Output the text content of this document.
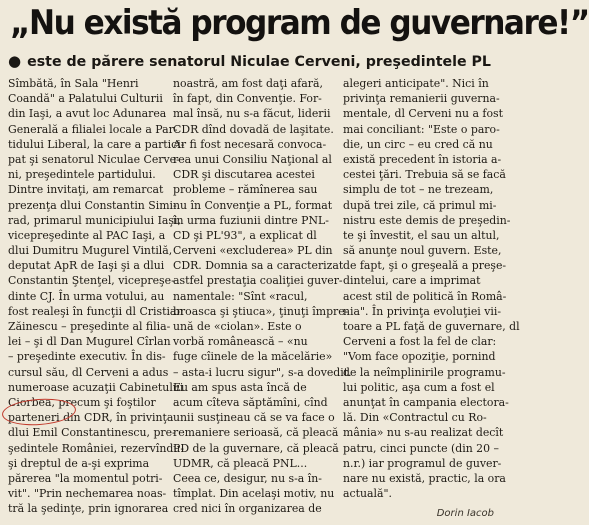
„Nu există program de guvernare!”
● este de părere senatorul Niculae Cerveni, preşedintele PL
Sîmbătă, în Sala "Henri
Coandă" a Palatului Culturii
din Iaşi, a avut loc Adunarea
Generală a filialei locale a Par-
tidului Liberal, la care a partici-
pat şi senatorul Niculae Cerve-
ni, preşedintele partidului.
Dintre invitaţi, am remarcat
prezenţa dlui Constantin Simi-
rad, primarul municipiului Iaşi,
vicepreşedinte al PAC Iaşi, a
dlui Dumitru Mugurel Vintilă,
deputat ApR de Iaşi şi a dlui
Constantin Ştenţel, vicepreşe-
dinte CJ. În urma votului, au
fost realeşi în funcţii dl Cristian
Zăinescu – preşedinte al filia-
lei – şi dl Dan Mugurel Cîrlan
– preşedinte executiv. În dis-
cursul său, dl Cerveni a adus
numeroase acuzaţii Cabinetului
Ciorbea, precum şi foştilor
parteneri din CDR, în privinţa
dlui Emil Constantinescu, pre-
şedintele României, rezervîndu-
şi dreptul de a-şi exprima
părerea "la momentul potri-
vit". "Prin nechemarea noas-
tră la şedinţe, prin ignorarea
noastră, am fost daţi afară,
în fapt, din Convenţie. For-
mal însă, nu s-a făcut, liderii
CDR dînd dovadă de laşitate.
Ar fi fost necesară convoca-
rea unui Consiliu Naţional al
CDR şi discutarea acestei
probleme – rămînerea sau
nu în Convenţie a PL, format
în urma fuziunii dintre PNL-
CD şi PL'93", a explicat dl
Cerveni «excluderea» PL din
CDR. Domnia sa a caracterizat
astfel prestaţia coaliţiei guver-
namentale: "Sînt «racul,
broasca şi ştiuca», ţinuţi împre-
ună de «ciolan». Este o
vorbă românească – «nu
fuge cîinele de la măcelărie»
– asta-i lucru sigur", s-a dovedit.
Eu am spus asta încă de
acum cîteva săptămîni, cînd
unii susţineau că se va face o
remaniere serioasă, că pleacă
PD de la guvernare, că pleacă
UDMR, că pleacă PNL...
Ceea ce, desigur, nu s-a în-
tîmplat. Din acelaşi motiv, nu
cred nici în organizarea de
alegeri anticipate". Nici în
privinţa remanierii guverna-
mentale, dl Cerveni nu a fost
mai conciliant: "Este o paro-
die, un circ – eu cred că nu
există precedent în istoria a-
cestei ţări. Trebuia să se facă
simplu de tot – ne trezeam,
după trei zile, că primul mi-
nistru este demis de preşedin-
te şi învestit, el sau un altul,
să anunţe noul guvern. Este,
de fapt, şi o greşeală a preşe-
dintelui, care a imprimat
acest stil de politică în Româ-
nia". În privinţa evoluţiei vii-
toare a PL faţă de guvernare, dl
Cerveni a fost la fel de clar:
"Vom face opoziţie, pornind
de la neîmplinirile programu-
lui politic, aşa cum a fost el
anunţat în campania electora-
lă. Din «Contractul cu Ro-
mânia» nu s-au realizat decît
patru, cinci puncte (din 20 –
n.r.) iar programul de guver-
nare nu există, practic, la ora
actuală".
Dorin Iacob
